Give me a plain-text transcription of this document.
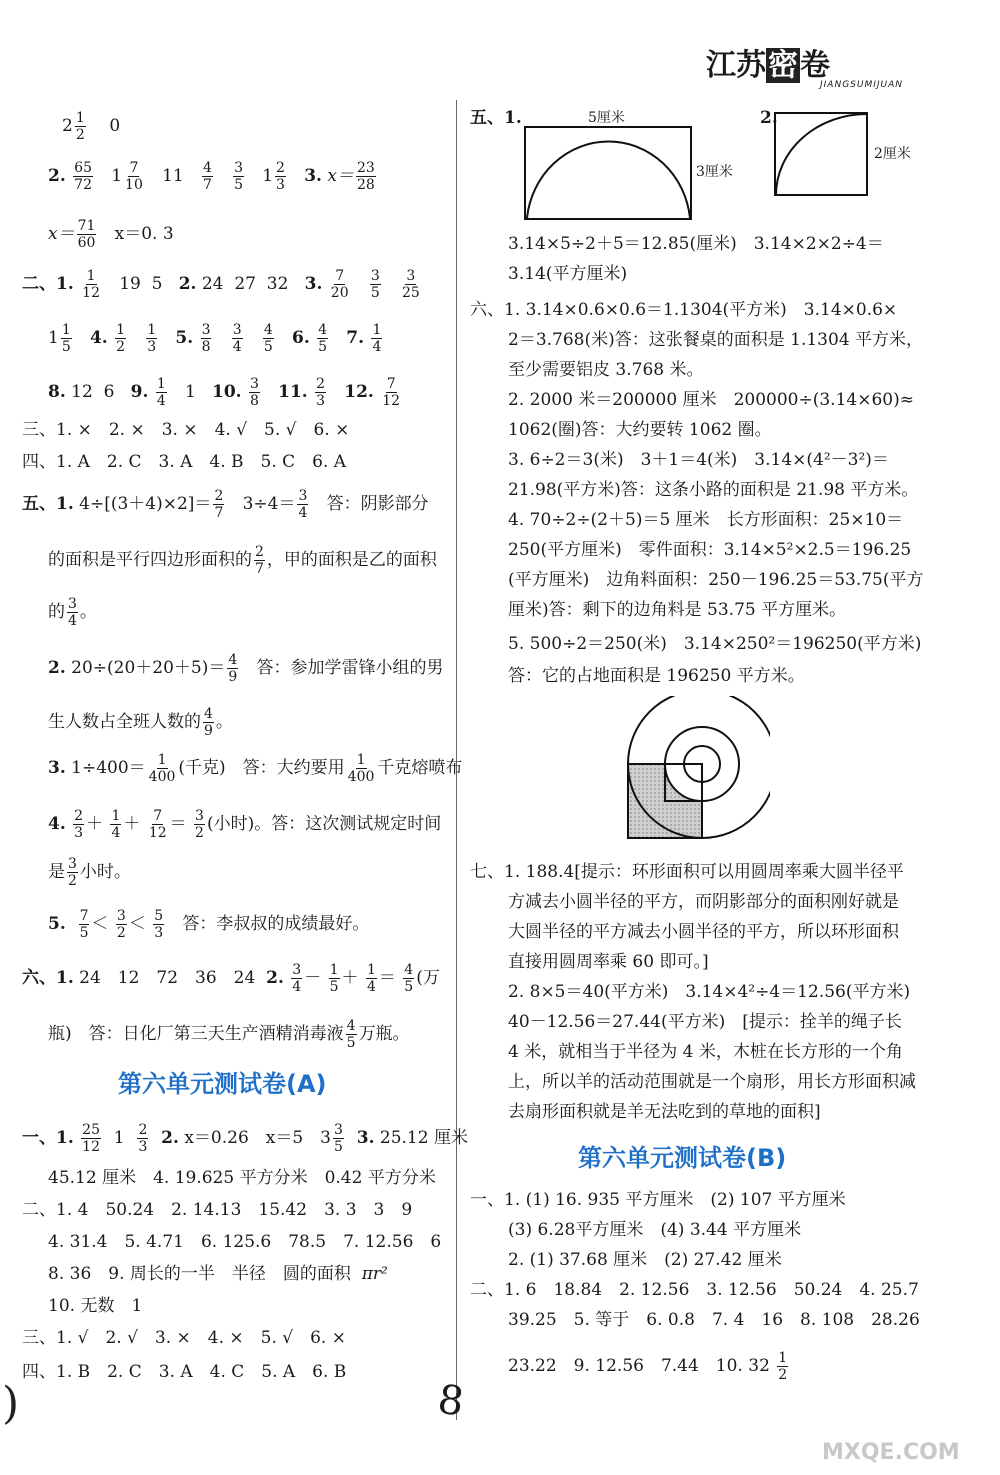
江苏密卷
JIANGSUMIJUAN
$2 \frac{1}{2} 0$
2. $\frac{65}{72} 1 \frac{7}{10} 11 \frac{4}{7}$
$\frac{3}{5} 1 \frac{2}{3} 3$. $x= \frac{23}{28}$
$x= \frac{71}{60} x=0$. 3
二、1. $\frac{1}{12} 19$ 5 2. 24 27 32 3. $\frac{7}{20}$
$\frac{3}{5}$
$\frac{3}{25}$
$1 \frac{1}{5} 4$. $\frac{1}{2}$
$\frac{1}{3} 5$. $\frac{3}{8}$
$\frac{3}{4}$
$\frac{4}{5} 6$. $\frac{4}{5} 7$. $\frac{1}{4}$
8. 12 6 9. $\frac{1}{4} 1$ 10. $\frac{3}{8} 11$. $\frac{2}{3} 12$. $\frac{7}{12}$
三、1. ×　2. ×　3. ×　4. √　5. √　6. ×
四、1. A　2. C　3. A　4. B　5. C　6. A
五、1. $4\div[(3+4)\times 2]= \frac{2}{7} 3\div 4= \frac{3}{4}$ 答：阴影部分
的面积是平行四边形面积的 $\frac{2}{7}$ ，甲的面积是乙的面积
的 $\frac{3}{4}$ 。
2. $20\div(20+20+5)= \frac{4}{9}$ 答：参加学雷锋小组的男
生人数占全班人数的 $\frac{4}{9}$ 。
3. $1\div 400= \frac{1}{400}$ (千克)　答：大约要用 $\frac{1}{400}$ 千克熔喷布
4. $\frac{2}{3} + \frac{1}{4} + \frac{7}{12} = \frac{3}{2}$ (小时)。答：这次测试规定时间
是 $\frac{3}{2}$ 小时。
5. $\frac{7}{5} < \frac{3}{2} < \frac{5}{3}$ 答：李叔叔的成绩最好。
六、1. 24　12　72　36　24 2. $\frac{3}{4} - \frac{1}{5} + \frac{1}{4} = \frac{4}{5}$ (万
瓶)　答：日化厂第三天生产酒精消毒液 $\frac{4}{5}$ 万瓶。
第六单元测试卷(A)
一、1. $\frac{25}{12} 1 \frac{2}{3} 2$. x＝0.26　x＝5　$3 \frac{3}{5} 3$. 25.12 厘米
45.12 厘米　4. 19.625 平方分米　0.42 平方分米
二、1. 4　50.24　2. 14.13　15.42　3. 3　3　9
4. 31.4　5. 4.71　6. 125.6　78.5　7. 12.56　6
8. 36　9. 周长的一半　半径　圆的面积 πr²
10. 无数　1
三、1. √　2. √　3. ×　4. ×　5. √　6. ×
四、1. B　2. C　3. A　4. C　5. A　6. B
五、1.	5厘米
3厘米
2.
2厘米
3.14×5÷2＋5＝12.85(厘米)　3.14×2×2÷4＝
3.14(平方厘米)
六、1. 3.14×0.6×0.6＝1.1304(平方米)　3.14×0.6×
2＝3.768(米)答：这张餐桌的面积是 1.1304 平方米，
至少需要铝皮 3.768 米。
2. 2000 米＝200000 厘米　200000÷(3.14×60)≈
1062(圈)答：大约要转 1062 圈。
3. 6÷2＝3(米)　3＋1＝4(米)　3.14×(4²－3²)＝
21.98(平方米)答：这条小路的面积是 21.98 平方米。
4. 70÷2÷(2＋5)＝5 厘米　长方形面积：25×10＝
250(平方厘米)　零件面积：3.14×5²×2.5＝196.25
(平方厘米)　边角料面积：250－196.25＝53.75(平方
厘米)答：剩下的边角料是 53.75 平方厘米。
5. 500÷2＝250(米)　3.14×250²＝196250(平方米)
答：它的占地面积是 196250 平方米。
七、1. 188.4[提示：环形面积可以用圆周率乘大圆半径平
方减去小圆半径的平方，而阴影部分的面积刚好就是
大圆半径的平方减去小圆半径的平方，所以环形面积
直接用圆周率乘 60 即可。]
2. 8×5＝40(平方米)　3.14×4²÷4＝12.56(平方米)
40－12.56＝27.44(平方米)　[提示：拴羊的绳子长
4 米，就相当于半径为 4 米，木桩在长方形的一个角
上，所以羊的活动范围就是一个扇形，用长方形面积减
去扇形面积就是羊无法吃到的草地的面积]
第六单元测试卷(B)
一、1. (1) 16. 935 平方厘米　(2) 107 平方厘米
(3) 6.28平方厘米　(4) 3.44 平方厘米
2. (1) 37.68 厘米　(2) 27.42 厘米
二、1. 6　18.84　2. 12.56　3. 12.56　50.24　4. 25.7
39.25　5. 等于　6. 0.8　7. 4　16　8. 108　28.26
23.22　9. 12.56　7.44　10. $32 \frac{1}{2}$
8
)
MXQE.COM
